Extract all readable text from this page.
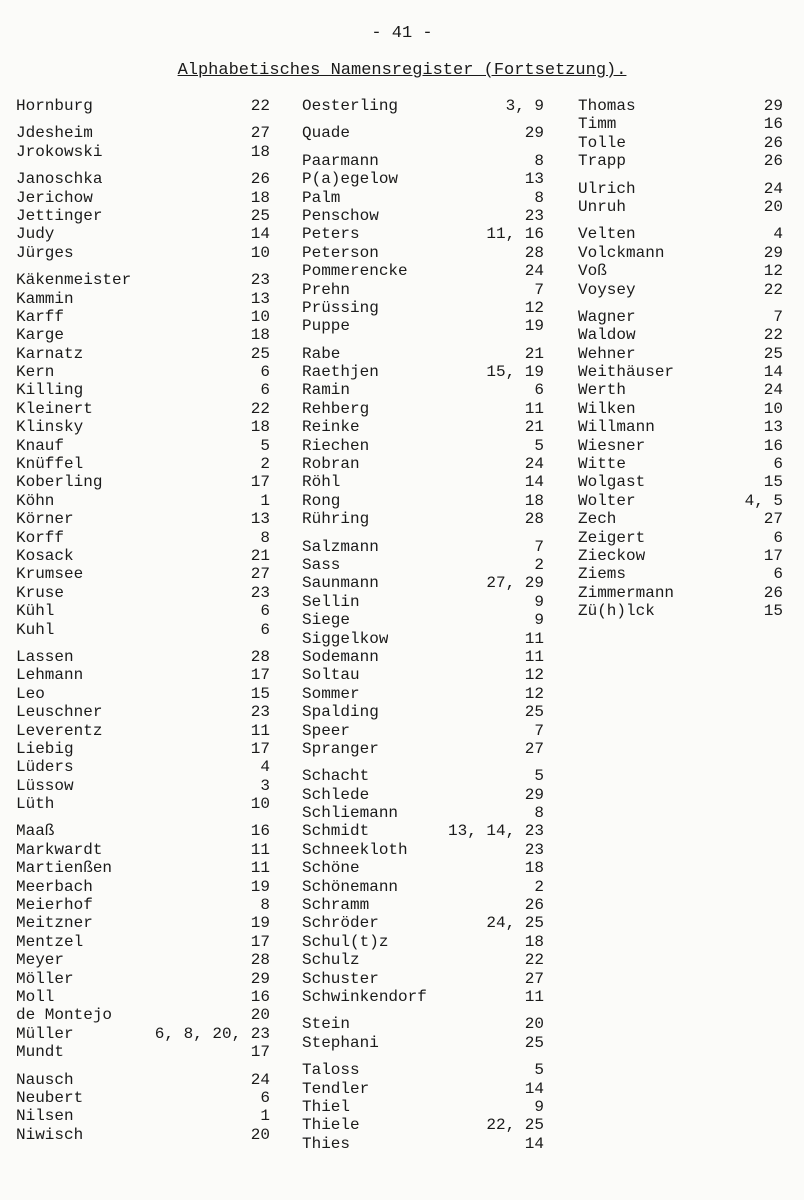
- 41 -
Alphabetisches Namensregister (Fortsetzung).
Hornburg	22
Jdesheim	27
Jrokowski	18
Janoschka	26
Jerichow	18
Jettinger	25
Judy	14
Jürges	10
Käkenmeister	23
Kammin	13
Karff	10
Karge	18
Karnatz	25
Kern	6
Killing	6
Kleinert	22
Klinsky	18
Knauf	5
Knüffel	2
Koberling	17
Köhn	1
Körner	13
Korff	8
Kosack	21
Krumsee	27
Kruse	23
Kühl	6
Kuhl	6
Lassen	28
Lehmann	17
Leo	15
Leuschner	23
Leverentz	11
Liebig	17
Lüders	4
Lüssow	3
Lüth	10
Maaß	16
Markwardt	11
Martienßen	11
Meerbach	19
Meierhof	8
Meitzner	19
Mentzel	17
Meyer	28
Möller	29
Moll	16
de Montejo	20
Müller	6, 8, 20, 23
Mundt	17
Nausch	24
Neubert	6
Nilsen	1
Niwisch	20
Oesterling	3, 9
Quade	29
Paarmann	8
P(a)egelow	13
Palm	8
Penschow	23
Peters	11, 16
Peterson	28
Pommerencke	24
Prehn	7
Prüssing	12
Puppe	19
Rabe	21
Raethjen	15, 19
Ramin	6
Rehberg	11
Reinke	21
Riechen	5
Robran	24
Röhl	14
Rong	18
Rühring	28
Salzmann	7
Sass	2
Saunmann	27, 29
Sellin	9
Siege	9
Siggelkow	11
Sodemann	11
Soltau	12
Sommer	12
Spalding	25
Speer	7
Spranger	27
Schacht	5
Schlede	29
Schliemann	8
Schmidt	13, 14, 23
Schneekloth	23
Schöne	18
Schönemann	2
Schramm	26
Schröder	24, 25
Schul(t)z	18
Schulz	22
Schuster	27
Schwinkendorf	11
Stein	20
Stephani	25
Taloss	5
Tendler	14
Thiel	9
Thiele	22, 25
Thies	14
Thomas	29
Timm	16
Tolle	26
Trapp	26
Ulrich	24
Unruh	20
Velten	4
Volckmann	29
Voß	12
Voysey	22
Wagner	7
Waldow	22
Wehner	25
Weithäuser	14
Werth	24
Wilken	10
Willmann	13
Wiesner	16
Witte	6
Wolgast	15
Wolter	4, 5
Zech	27
Zeigert	6
Zieckow	17
Ziems	6
Zimmermann	26
Zü(h)lck	15
